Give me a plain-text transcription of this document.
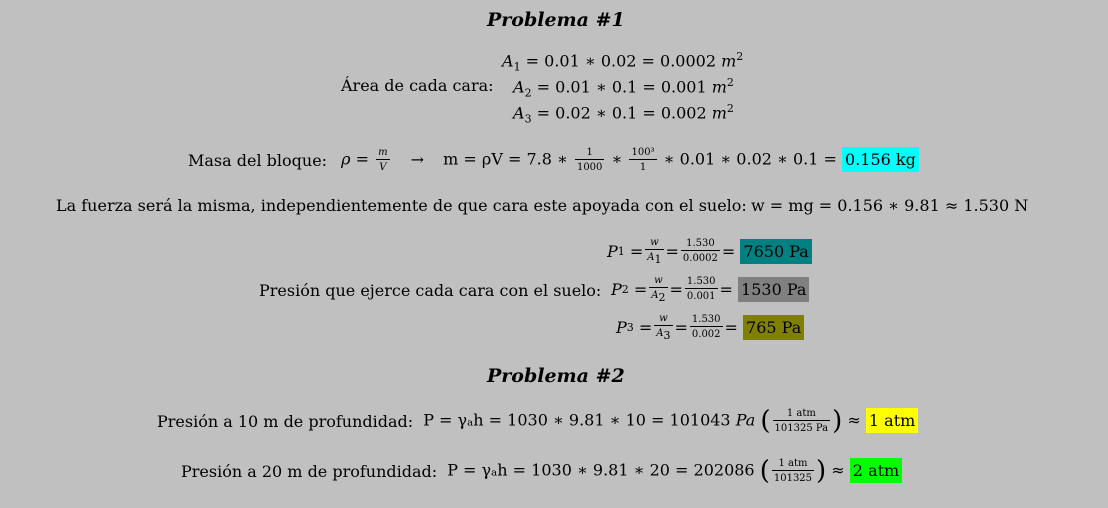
Problema #1
Área de cada cara:
$A_1 = 0.01$ ∗ 0.02 = 0.0002 $m^2$
$A_2 = 0.01$ ∗ 0.1 = 0.001 $m^2$
$A_3 = 0.02$ ∗ 0.1 = 0.002 $m^2$
Masa del bloque: $\rho = \frac{m}{V} \to m = \rho V = 7.8$ ∗ $\frac{1}{1000}$ ∗ $\frac{\text{100³}}{1}$ ∗ 0.01 ∗ 0.02 ∗ 0.1 = 0.156 kg
La fuerza será la misma, independientemente de que cara este apoyada con el suelo: w = mg = 0.156 ∗ 9.81 ≈ 1.530 N
Presión que ejerce cada cara con el suelo:
P $1 = \frac{w}{A_1} = \frac{1.530}{0.0002} = 7650$ Pa
P $2 = \frac{w}{A_2} = \frac{1.530}{0.001} = 1530$ Pa
P $3 = \frac{w}{A_3} = \frac{1.530}{0.002} = 765$ Pa
Problema #2
Presión a 10 m de profundidad: P = γₐh = 1030 ∗ 9.81 ∗ 10 = 101043 Pa ( $\frac{\text{1 atm}}{101325 Pa}$ ) ≈ 1 atm
Presión a 20 m de profundidad: P = γₐh = 1030 ∗ 9.81 ∗ 20 = 202086 ( $\frac{\text{1 atm}}{101325}$ ) ≈ 2 atm
